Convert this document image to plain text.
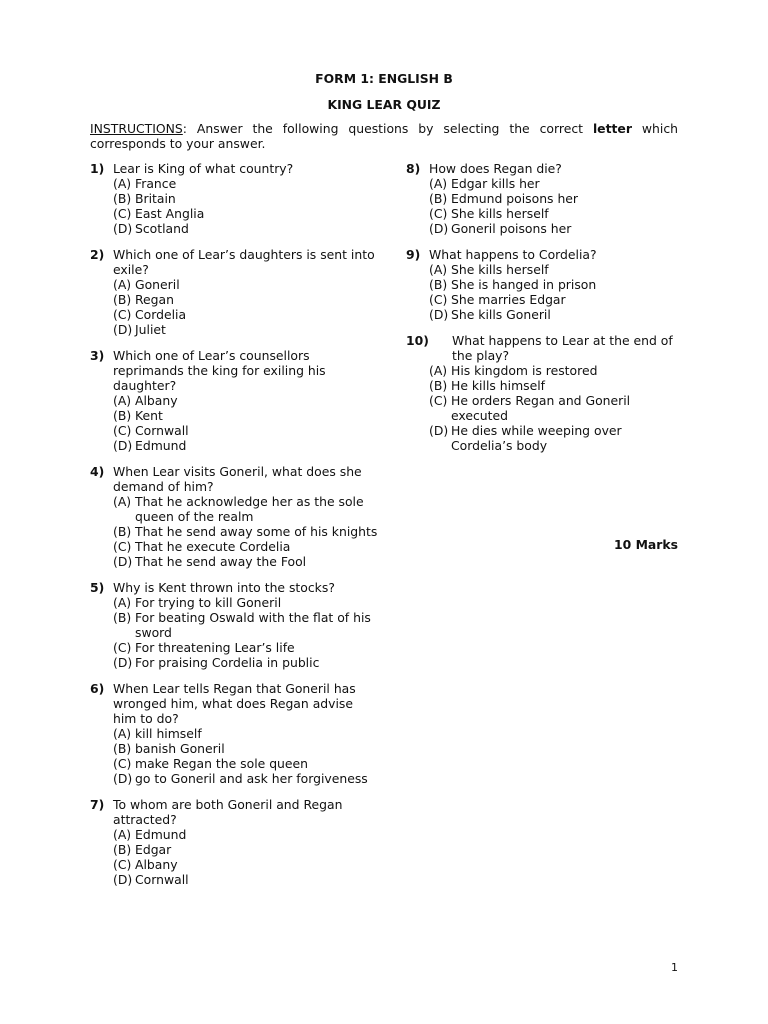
FORM 1: ENGLISH B
KING LEAR QUIZ
INSTRUCTIONS: Answer the following questions by selecting the correct letter which corresponds to your answer.
1) Lear is King of what country?
(A) France
(B) Britain
(C) East Anglia
(D) Scotland
2) Which one of Lear’s daughters is sent into exile?
(A) Goneril
(B) Regan
(C) Cordelia
(D) Juliet
3) Which one of Lear’s counsellors reprimands the king for exiling his daughter?
(A) Albany
(B) Kent
(C) Cornwall
(D) Edmund
4) When Lear visits Goneril, what does she demand of him?
(A) That he acknowledge her as the sole queen of the realm
(B) That he send away some of his knights
(C) That he execute Cordelia
(D) That he send away the Fool
5) Why is Kent thrown into the stocks?
(A) For trying to kill Goneril
(B) For beating Oswald with the flat of his sword
(C) For threatening Lear’s life
(D) For praising Cordelia in public
6) When Lear tells Regan that Goneril has wronged him, what does Regan advise him to do?
(A) kill himself
(B) banish Goneril
(C) make Regan the sole queen
(D) go to Goneril and ask her forgiveness
7) To whom are both Goneril and Regan attracted?
(A) Edmund
(B) Edgar
(C) Albany
(D) Cornwall
8) How does Regan die?
(A) Edgar kills her
(B) Edmund poisons her
(C) She kills herself
(D) Goneril poisons her
9) What happens to Cordelia?
(A) She kills herself
(B) She is hanged in prison
(C) She marries Edgar
(D) She kills Goneril
10)	What happens to Lear at the end of the play?
(A) His kingdom is restored
(B) He kills himself
(C) He orders Regan and Goneril executed
(D) He dies while weeping over Cordelia’s body
10 Marks
1
